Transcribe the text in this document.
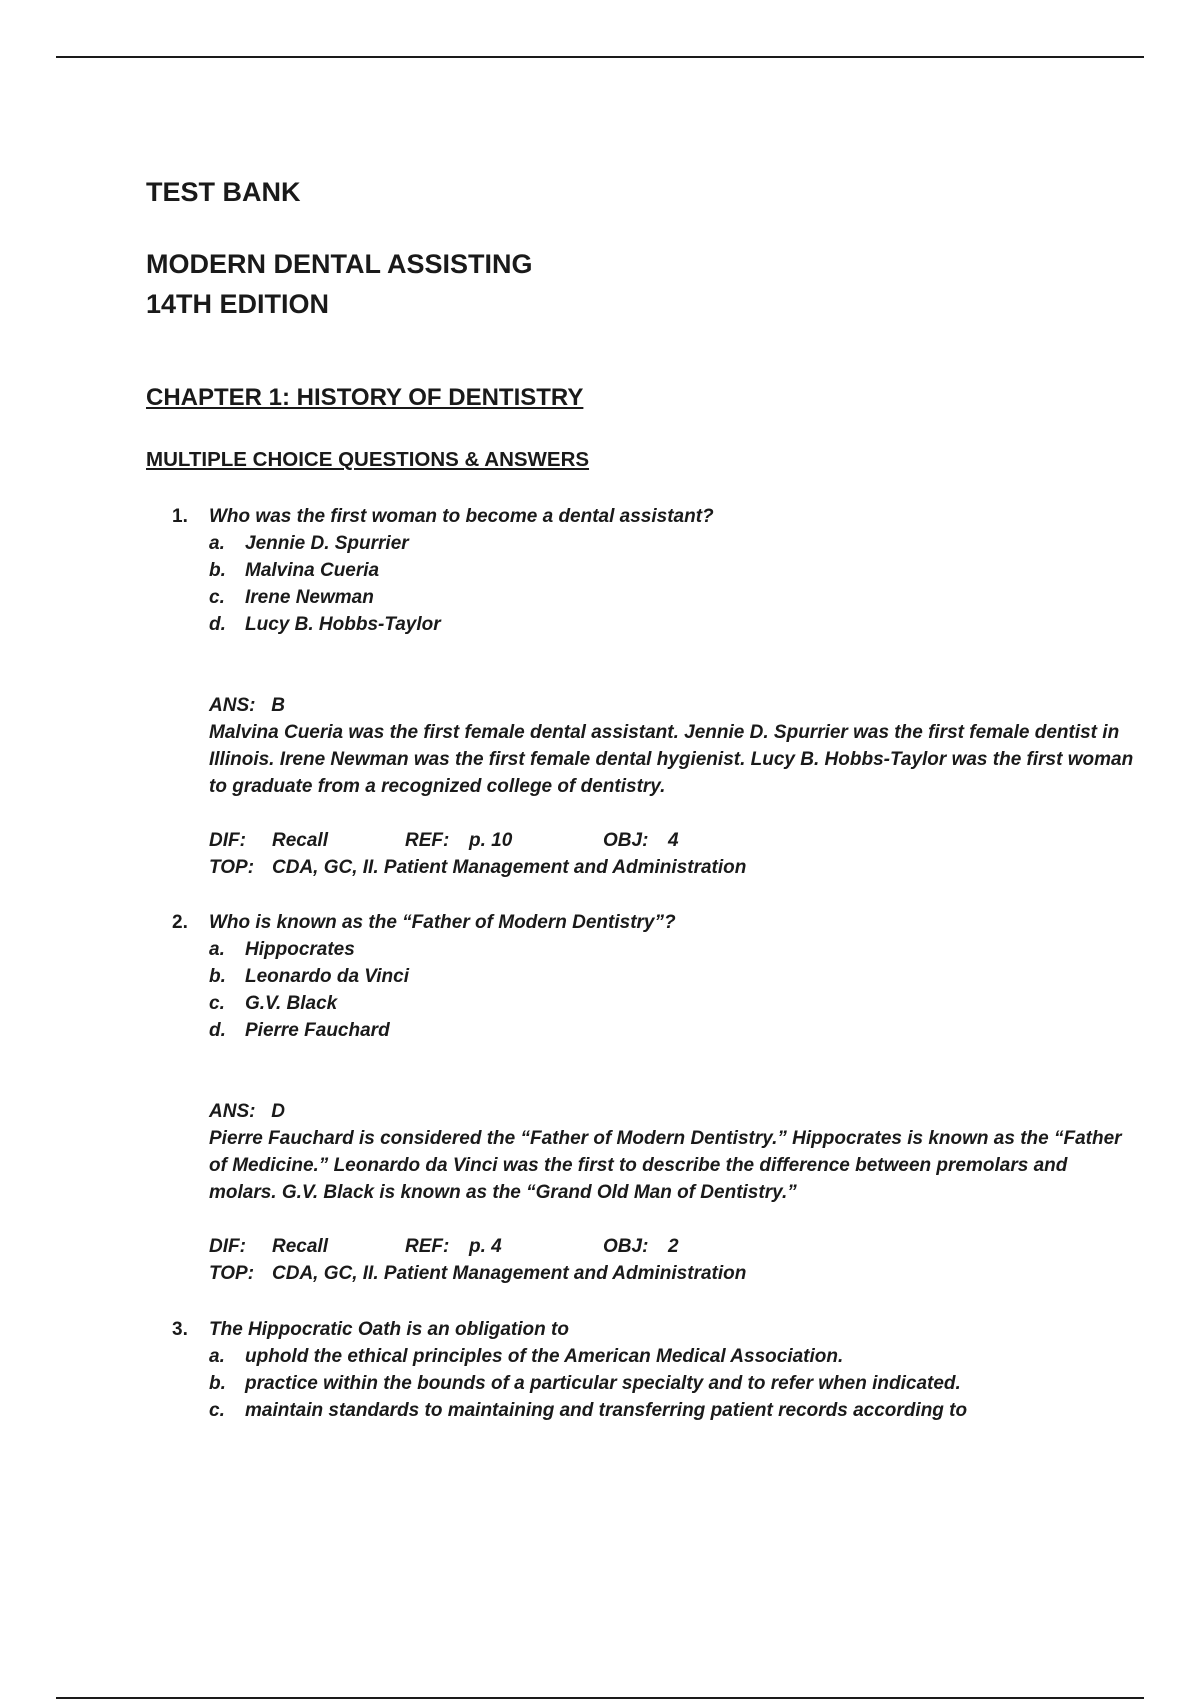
TEST BANK
MODERN DENTAL ASSISTING
14TH EDITION
CHAPTER 1: HISTORY OF DENTISTRY
MULTIPLE CHOICE QUESTIONS & ANSWERS
1. Who was the first woman to become a dental assistant?
a. Jennie D. Spurrier
b. Malvina Cueria
c. Irene Newman
d. Lucy B. Hobbs-Taylor
ANS: B
Malvina Cueria was the first female dental assistant. Jennie D. Spurrier was the first female dentist in Illinois. Irene Newman was the first female dental hygienist. Lucy B. Hobbs-Taylor was the first woman to graduate from a recognized college of dentistry.
DIF: Recall	REF: p. 10	OBJ: 4
TOP: CDA, GC, II. Patient Management and Administration
2. Who is known as the “Father of Modern Dentistry”?
a. Hippocrates
b. Leonardo da Vinci
c. G.V. Black
d. Pierre Fauchard
ANS: D
Pierre Fauchard is considered the “Father of Modern Dentistry.” Hippocrates is known as the “Father of Medicine.” Leonardo da Vinci was the first to describe the difference between premolars and molars. G.V. Black is known as the “Grand Old Man of Dentistry.”
DIF: Recall	REF: p. 4	OBJ: 2
TOP: CDA, GC, II. Patient Management and Administration
3. The Hippocratic Oath is an obligation to
a. uphold the ethical principles of the American Medical Association.
b. practice within the bounds of a particular specialty and to refer when indicated.
c. maintain standards to maintaining and transferring patient records according to
